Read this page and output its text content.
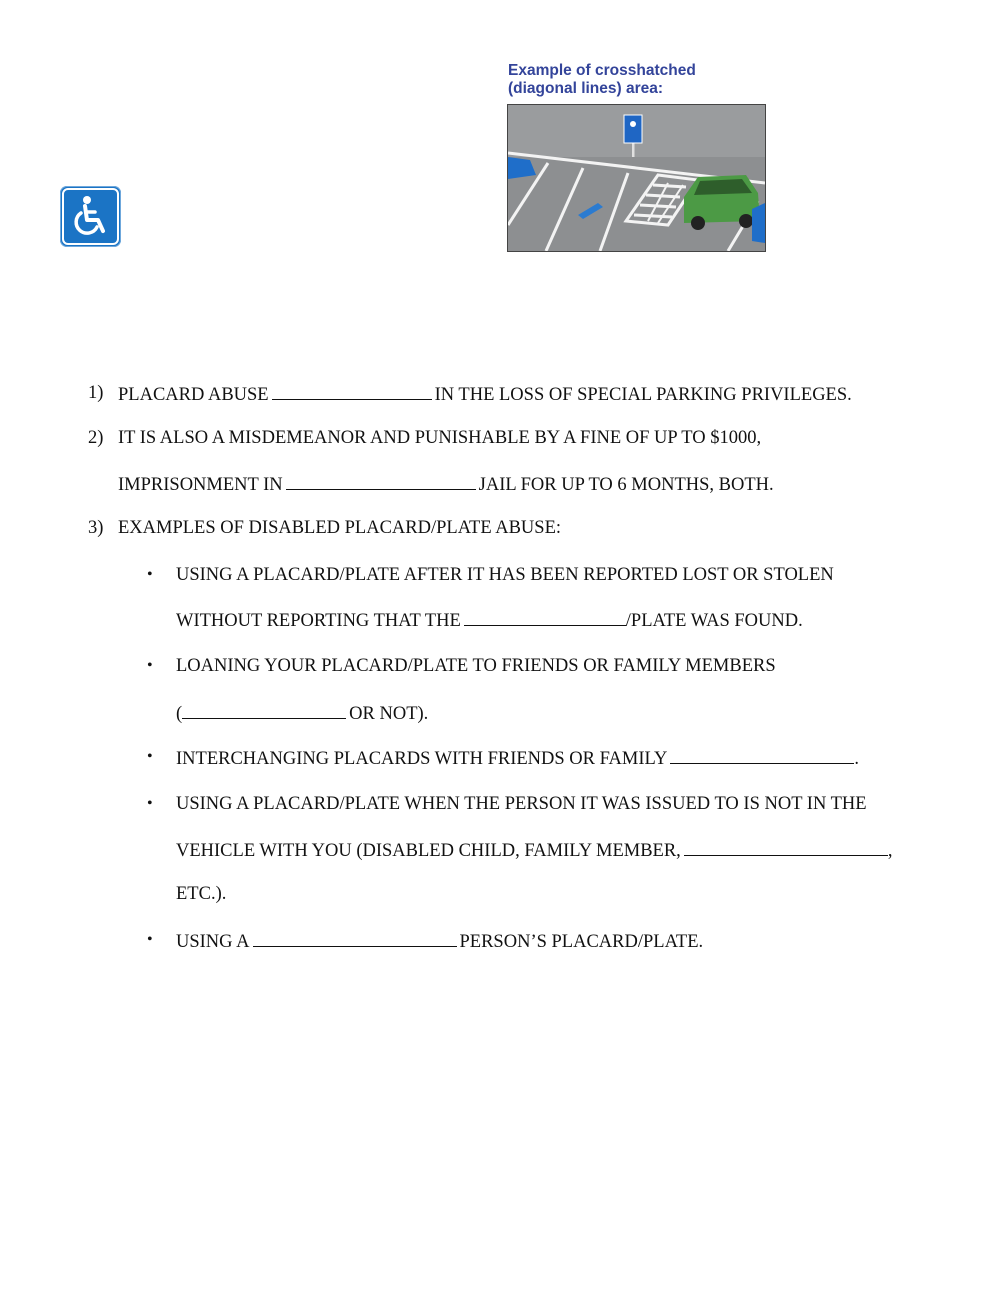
Example of crosshatched
(diagonal lines) area:

1) PLACARD ABUSE	IN THE LOSS OF SPECIAL PARKING PRIVILEGES.
2) IT IS ALSO A MISDEMEANOR AND PUNISHABLE BY A FINE OF UP TO $1000,
IMPRISONMENT IN	JAIL FOR UP TO 6 MONTHS, BOTH.
3) EXAMPLES OF DISABLED PLACARD/PLATE ABUSE:
• USING A PLACARD/PLATE AFTER IT HAS BEEN REPORTED LOST OR STOLEN
WITHOUT REPORTING THAT THE	/PLATE WAS FOUND.
• LOANING YOUR PLACARD/PLATE TO FRIENDS OR FAMILY MEMBERS
(	OR NOT).
• INTERCHANGING PLACARDS WITH FRIENDS OR FAMILY	.
• USING A PLACARD/PLATE WHEN THE PERSON IT WAS ISSUED TO IS NOT IN THE
VEHICLE WITH YOU (DISABLED CHILD, FAMILY MEMBER,	,
ETC.).
• USING A	PERSON’S PLACARD/PLATE.
